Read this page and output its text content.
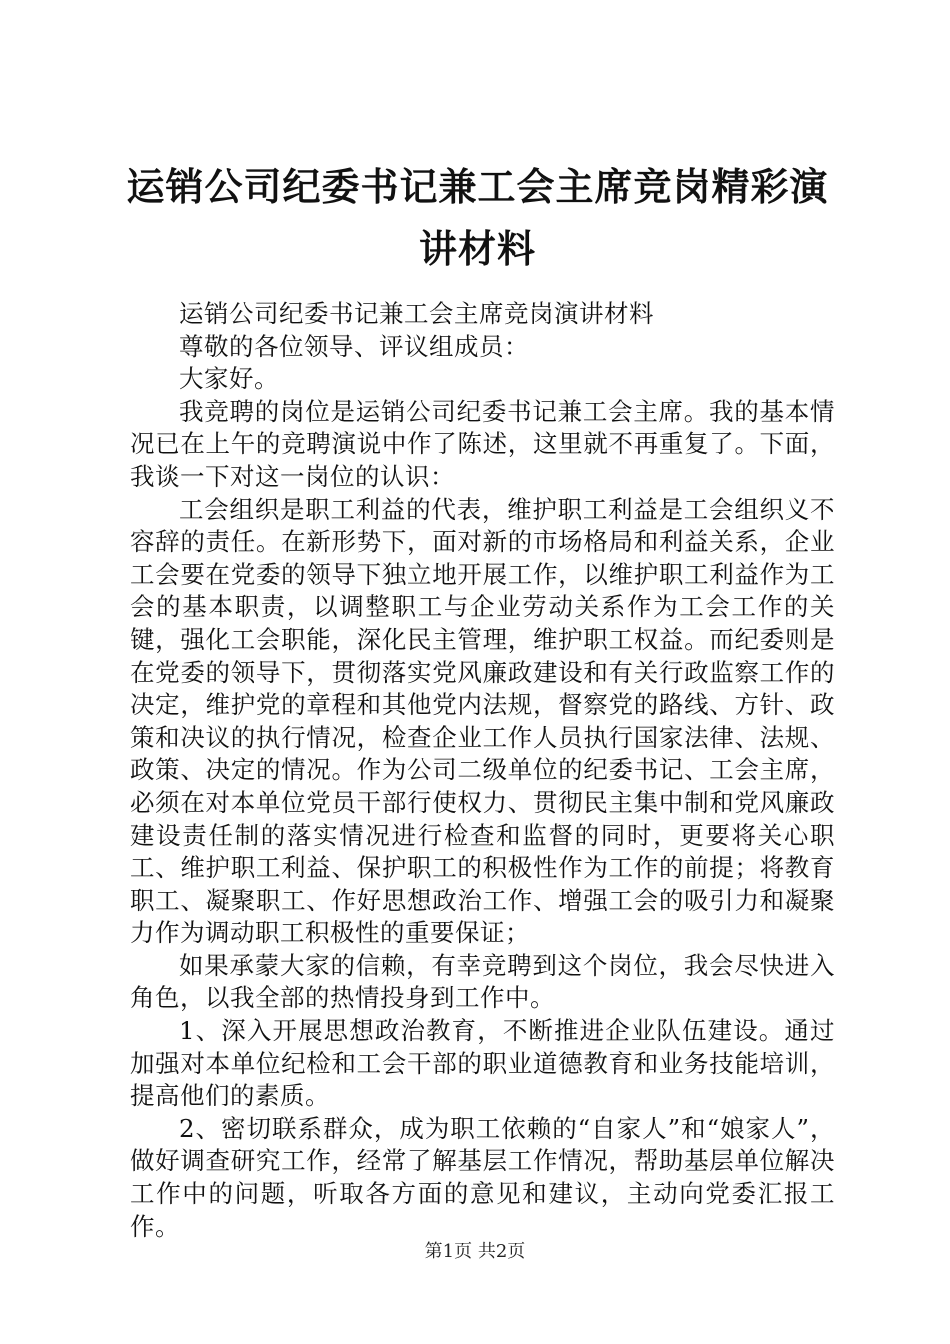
运销公司纪委书记兼工会主席竞岗精彩演讲材料

运销公司纪委书记兼工会主席竞岗演讲材料

尊敬的各位领导、评议组成员：

大家好。

我竞聘的岗位是运销公司纪委书记兼工会主席。我的基本情况已在上午的竞聘演说中作了陈述，这里就不再重复了。下面，我谈一下对这一岗位的认识：

工会组织是职工利益的代表，维护职工利益是工会组织义不容辞的责任。在新形势下，面对新的市场格局和利益关系，企业工会要在党委的领导下独立地开展工作，以维护职工利益作为工会的基本职责，以调整职工与企业劳动关系作为工会工作的关键，强化工会职能，深化民主管理，维护职工权益。而纪委则是在党委的领导下，贯彻落实党风廉政建设和有关行政监察工作的决定，维护党的章程和其他党内法规，督察党的路线、方针、政策和决议的执行情况，检查企业工作人员执行国家法律、法规、政策、决定的情况。作为公司二级单位的纪委书记、工会主席，必须在对本单位党员干部行使权力、贯彻民主集中制和党风廉政建设责任制的落实情况进行检查和监督的同时，更要将关心职工、维护职工利益、保护职工的积极性作为工作的前提；将教育职工、凝聚职工、作好思想政治工作、增强工会的吸引力和凝聚力作为调动职工积极性的重要保证；

如果承蒙大家的信赖，有幸竞聘到这个岗位，我会尽快进入角色，以我全部的热情投身到工作中。

1、深入开展思想政治教育，不断推进企业队伍建设。通过加强对本单位纪检和工会干部的职业道德教育和业务技能培训，提高他们的素质。

2、密切联系群众，成为职工依赖的“自家人”和“娘家人”，做好调查研究工作，经常了解基层工作情况，帮助基层单位解决工作中的问题，听取各方面的意见和建议，主动向党委汇报工作。

第1页 共2页
